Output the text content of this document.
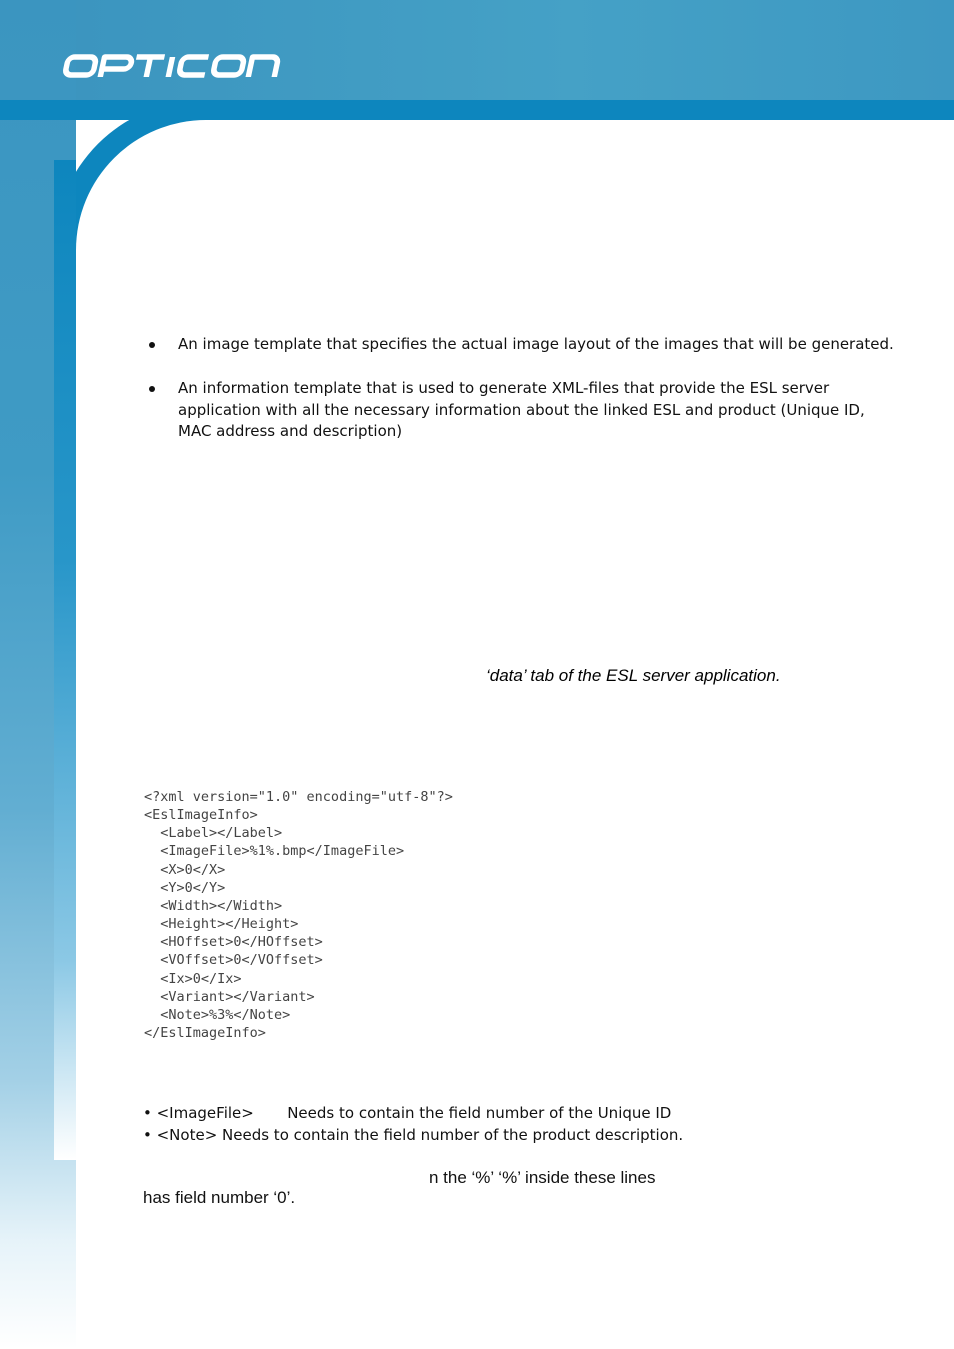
An image template that specifies the actual image layout of the images that will be generated.
An information template that is used to generate XML-files that provide the ESL server
application with all the necessary information about the linked ESL and product (Unique ID,
MAC address and description)
‘data’ tab of the ESL server application.
<?xml version="1.0" encoding="utf-8"?>
<EslImageInfo>
<Label></Label>
<ImageFile>%1%.bmp</ImageFile>
<X>0</X>
<Y>0</Y>
<Width></Width>
<Height></Height>
<HOffset>0</HOffset>
<VOffset>0</VOffset>
<Ix>0</Ix>
<Variant></Variant>
<Note>%3%</Note>
</EslImageInfo>
• <ImageFile>       Needs to contain the field number of the Unique ID
• <Note> Needs to contain the field number of the product description.
n the ‘%’ ‘%’ inside these lines
has field number ‘0’.
